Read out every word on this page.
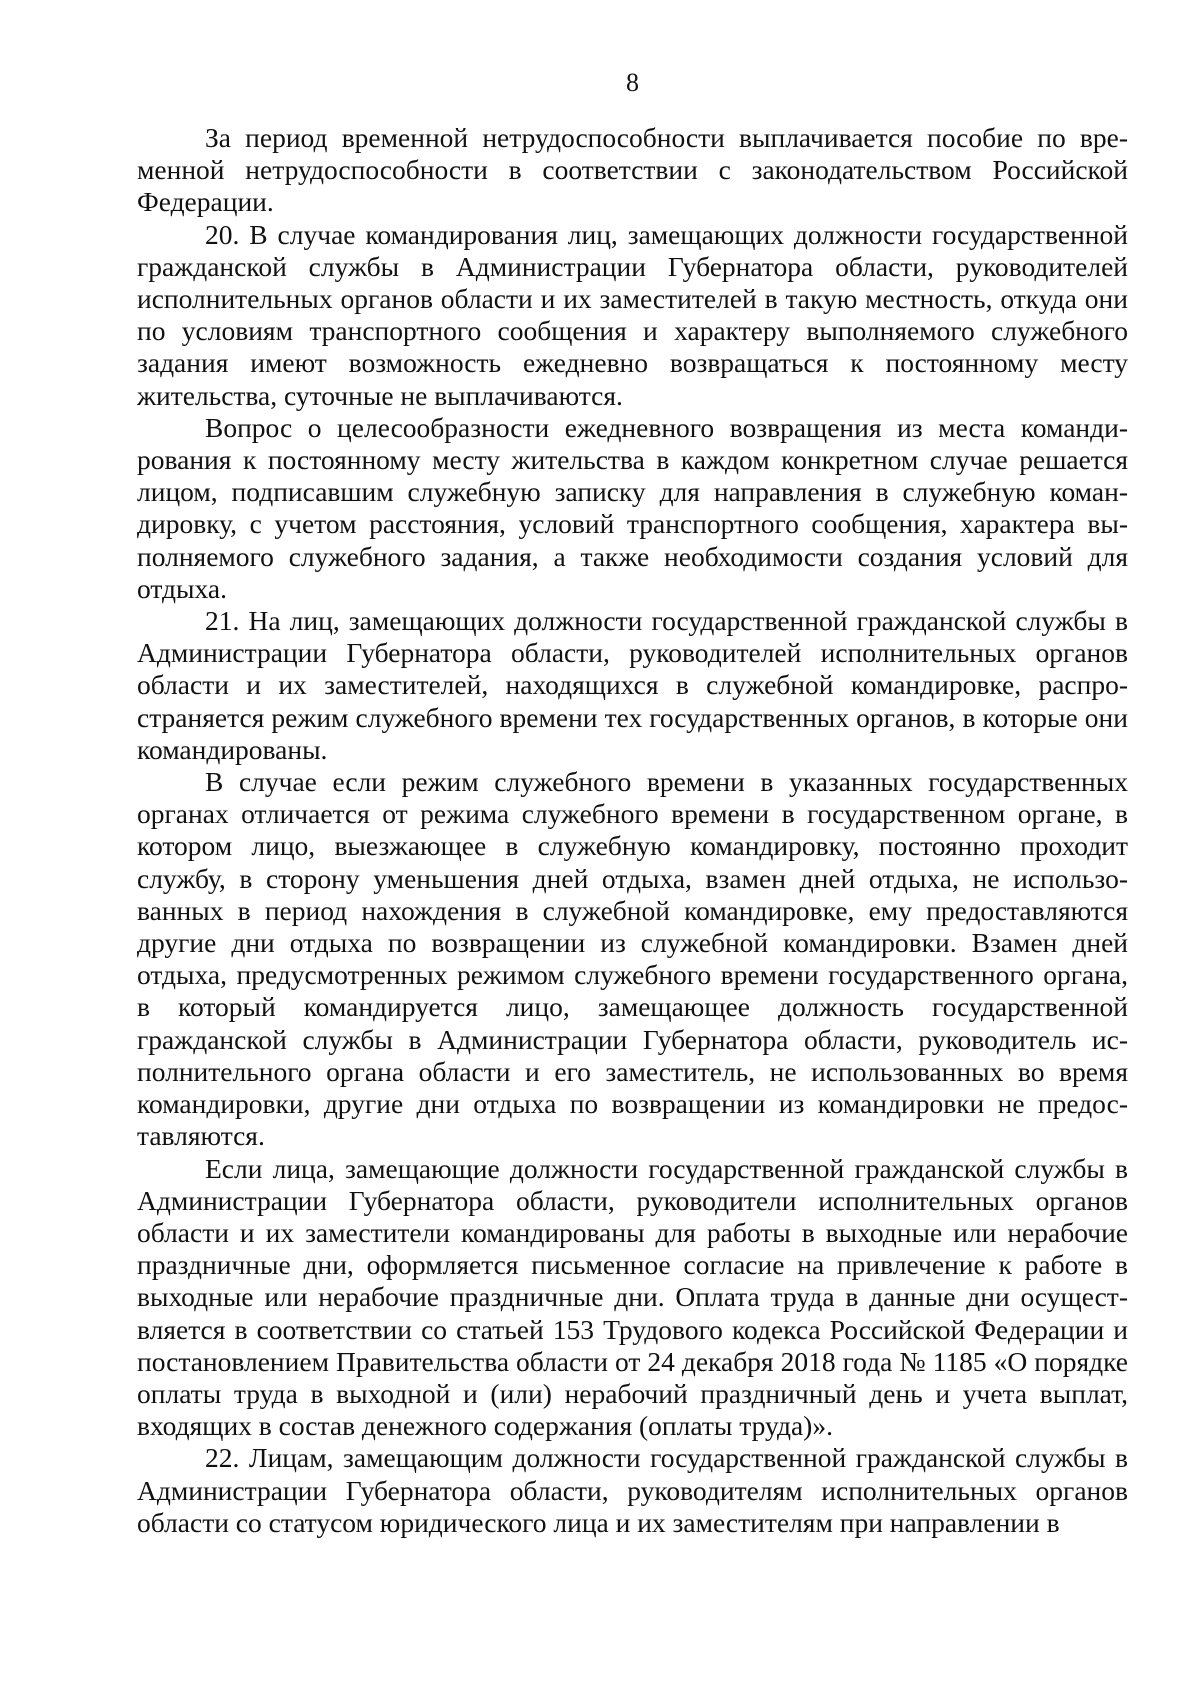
8

За период временной нетрудоспособности выплачивается пособие по временной нетрудоспособности в соответствии с законодательством Российской Федерации.

20. В случае командирования лиц, замещающих должности государственной гражданской службы в Администрации Губернатора области, руководителей исполнительных органов области и их заместителей в такую местность, откуда они по условиям транспортного сообщения и характеру выполняемого служебного задания имеют возможность ежедневно возвращаться к постоянному месту жительства, суточные не выплачиваются.

Вопрос о целесообразности ежедневного возвращения из места командирования к постоянному месту жительства в каждом конкретном случае решается лицом, подписавшим служебную записку для направления в служебную командировку, с учетом расстояния, условий транспортного сообщения, характера выполняемого служебного задания, а также необходимости создания условий для отдыха.

21. На лиц, замещающих должности государственной гражданской службы в Администрации Губернатора области, руководителей исполнительных органов области и их заместителей, находящихся в служебной командировке, распространяется режим служебного времени тех государственных органов, в которые они командированы.

В случае если режим служебного времени в указанных государственных органах отличается от режима служебного времени в государственном органе, в котором лицо, выезжающее в служебную командировку, постоянно проходит службу, в сторону уменьшения дней отдыха, взамен дней отдыха, не использованных в период нахождения в служебной командировке, ему предоставляются другие дни отдыха по возвращении из служебной командировки. Взамен дней отдыха, предусмотренных режимом служебного времени государственного органа, в который командируется лицо, замещающее должность государственной гражданской службы в Администрации Губернатора области, руководитель исполнительного органа области и его заместитель, не использованных во время командировки, другие дни отдыха по возвращении из командировки не предоставляются.

Если лица, замещающие должности государственной гражданской службы в Администрации Губернатора области, руководители исполнительных органов области и их заместители командированы для работы в выходные или нерабочие праздничные дни, оформляется письменное согласие на привлечение к работе в выходные или нерабочие праздничные дни. Оплата труда в данные дни осуществляется в соответствии со статьей 153 Трудового кодекса Российской Федерации и постановлением Правительства области от 24 декабря 2018 года № 1185 «О порядке оплаты труда в выходной и (или) нерабочий праздничный день и учета выплат, входящих в состав денежного содержания (оплаты труда)».

22. Лицам, замещающим должности государственной гражданской службы в Администрации Губернатора области, руководителям исполнительных органов области со статусом юридического лица и их заместителям при направлении в
